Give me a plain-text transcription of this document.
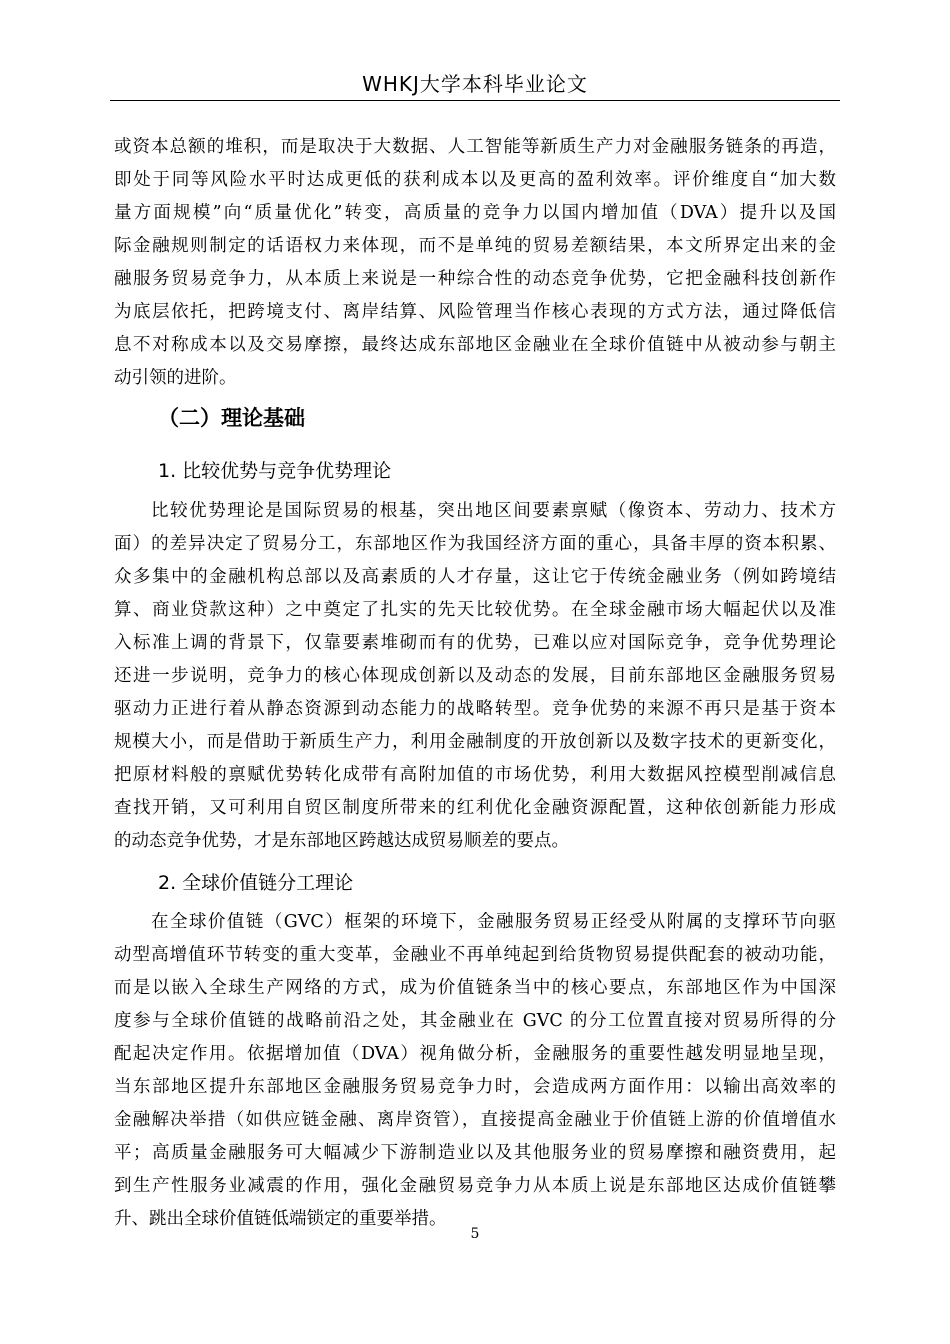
WHKJ大学本科毕业论文
或资本总额的堆积，而是取决于大数据、人工智能等新质生产力对金融服务链条的再造，
即处于同等风险水平时达成更低的获利成本以及更高的盈利效率。评价维度自“加大数
量方面规模”向“质量优化”转变，高质量的竞争力以国内增加值（DVA）提升以及国
际金融规则制定的话语权力来体现，而不是单纯的贸易差额结果，本文所界定出来的金
融服务贸易竞争力，从本质上来说是一种综合性的动态竞争优势，它把金融科技创新作
为底层依托，把跨境支付、离岸结算、风险管理当作核心表现的方式方法，通过降低信
息不对称成本以及交易摩擦，最终达成东部地区金融业在全球价值链中从被动参与朝主
动引领的进阶。
（二）理论基础
1. 比较优势与竞争优势理论
比较优势理论是国际贸易的根基，突出地区间要素禀赋（像资本、劳动力、技术方
面）的差异决定了贸易分工，东部地区作为我国经济方面的重心，具备丰厚的资本积累、
众多集中的金融机构总部以及高素质的人才存量，这让它于传统金融业务（例如跨境结
算、商业贷款这种）之中奠定了扎实的先天比较优势。在全球金融市场大幅起伏以及准
入标准上调的背景下，仅靠要素堆砌而有的优势，已难以应对国际竞争，竞争优势理论
还进一步说明，竞争力的核心体现成创新以及动态的发展，目前东部地区金融服务贸易
驱动力正进行着从静态资源到动态能力的战略转型。竞争优势的来源不再只是基于资本
规模大小，而是借助于新质生产力，利用金融制度的开放创新以及数字技术的更新变化，
把原材料般的禀赋优势转化成带有高附加值的市场优势，利用大数据风控模型削减信息
查找开销，又可利用自贸区制度所带来的红利优化金融资源配置，这种依创新能力形成
的动态竞争优势，才是东部地区跨越达成贸易顺差的要点。
2. 全球价值链分工理论
在全球价值链（GVC）框架的环境下，金融服务贸易正经受从附属的支撑环节向驱
动型高增值环节转变的重大变革，金融业不再单纯起到给货物贸易提供配套的被动功能，
而是以嵌入全球生产网络的方式，成为价值链条当中的核心要点，东部地区作为中国深
度参与全球价值链的战略前沿之处，其金融业在 GVC 的分工位置直接对贸易所得的分
配起决定作用。依据增加值（DVA）视角做分析，金融服务的重要性越发明显地呈现，
当东部地区提升东部地区金融服务贸易竞争力时，会造成两方面作用：以输出高效率的
金融解决举措（如供应链金融、离岸资管），直接提高金融业于价值链上游的价值增值水
平；高质量金融服务可大幅减少下游制造业以及其他服务业的贸易摩擦和融资费用，起
到生产性服务业减震的作用，强化金融贸易竞争力从本质上说是东部地区达成价值链攀
升、跳出全球价值链低端锁定的重要举措。
5
